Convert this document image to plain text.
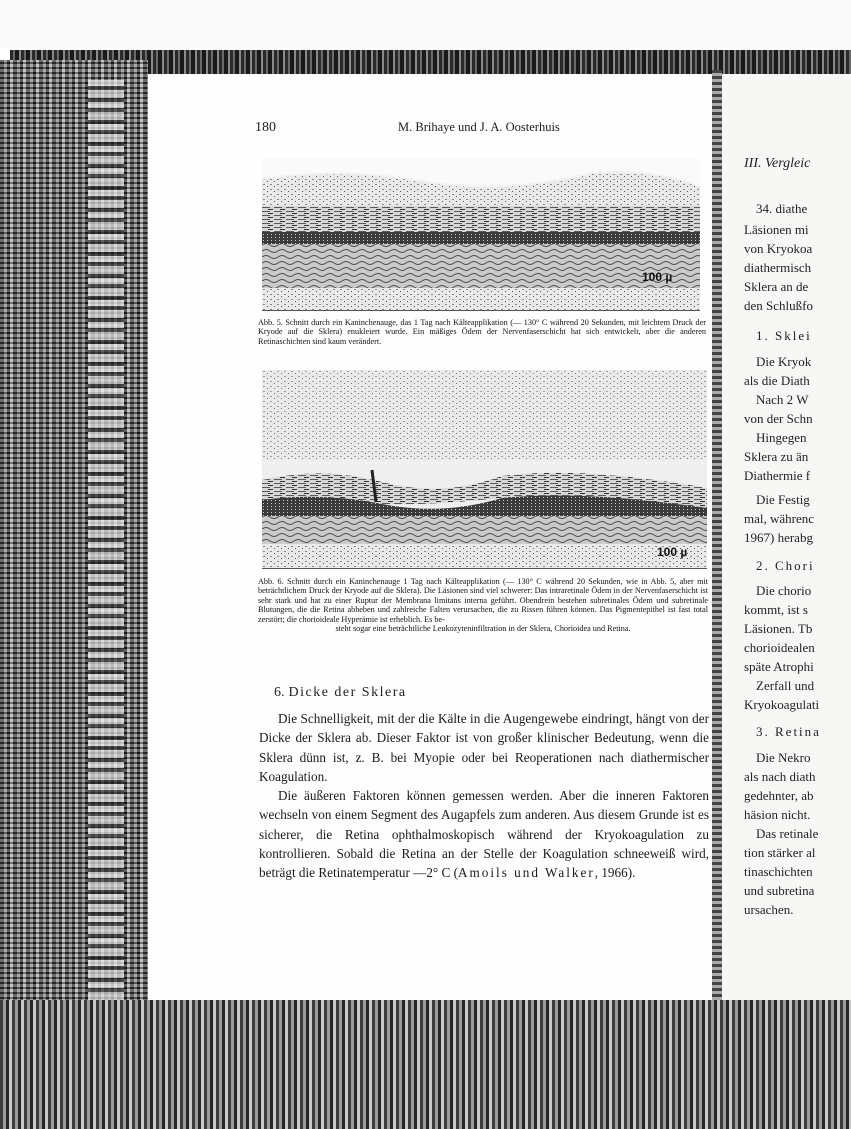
180	M. Brihaye und J. A. Oosterhuis
100 µ
Abb. 5. Schnitt durch ein Kaninchenauge, das 1 Tag nach Kälteapplikation (— 130° C während 20 Sekunden, mit leichtem Druck der Kryode auf die Sklera) enukleiert wurde. Ein mäßiges Ödem der Nervenfaserschicht hat sich entwickelt, aber die anderen Retinaschichten sind kaum verändert.
100 µ
Abb. 6. Schnitt durch ein Kaninchenauge 1 Tag nach Kälteapplikation (— 130° C während 20 Sekunden, wie in Abb. 5, aber mit beträchtlichem Druck der Kryode auf die Sklera). Die Läsionen sind viel schwerer: Das intraretinale Ödem in der Nervenfaserschicht ist sehr stark und hat zu einer Ruptur der Membrana limitans interna geführt. Obendrein bestehen subretinales Ödem und subretinale Blutungen, die die Retina abheben und zahlreiche Falten verursachen, die zu Rissen führen können. Das Pigmentepithel ist fast total zerstört; die chorioideale Hyperämie ist erheblich. Es be-
steht sogar eine beträchtliche Leukozyteninfiltration in der Sklera, Chorioidea und Retina.
6. Dicke der Sklera

Die Schnelligkeit, mit der die Kälte in die Augengewebe eindringt, hängt von der Dicke der Sklera ab. Dieser Faktor ist von großer klinischer Bedeutung, wenn die Sklera dünn ist, z. B. bei Myopie oder bei Reoperationen nach diathermischer Koagulation.

Die äußeren Faktoren können gemessen werden. Aber die inneren Faktoren wechseln von einem Segment des Augapfels zum anderen. Aus diesem Grunde ist es sicherer, die Retina ophthalmoskopisch während der Kryokoagulation zu kontrollieren. Sobald die Retina an der Stelle der Koagulation schneeweiß wird, beträgt die Retinatemperatur —2° C (Amoils und Walker, 1966).

III. Vergleic
34. diathe
Läsionen mi
von Kryokoa
diathermisch
Sklera an de
den Schlußfo
1. Sklei
Die Kryok
als die Diath
Nach 2 W
von der Schn
Hingegen
Sklera zu än
Diathermie f
Die Festig
mal, währenc
1967) herabg
2. Chori
Die chorio
kommt, ist s
Läsionen. Tb
chorioidealen
späte Atrophi
Zerfall und
Kryokoagulati
3. Retina
Die Nekro
als nach diath
gedehnter, ab
häsion nicht.
Das retinale
tion stärker al
tinaschichten
und subretina
ursachen.
